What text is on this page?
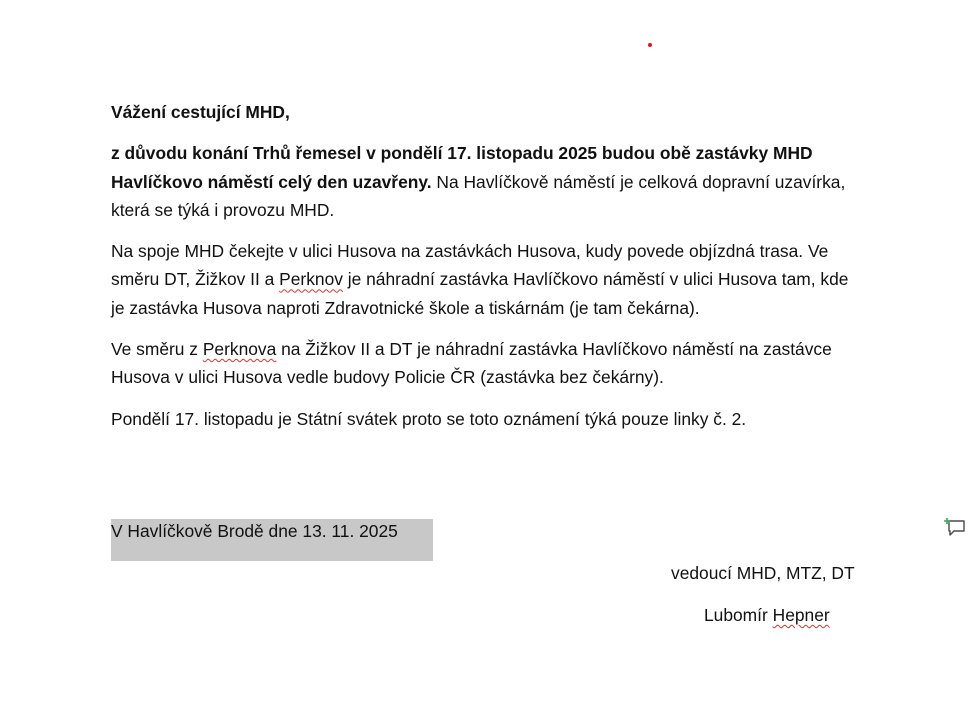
Vážení cestující MHD,

z důvodu konání Trhů řemesel v pondělí 17. listopadu 2025 budou obě zastávky MHD Havlíčkovo náměstí celý den uzavřeny. Na Havlíčkově náměstí je celková dopravní uzavírka, která se týká i provozu MHD.

Na spoje MHD čekejte v ulici Husova na zastávkách Husova, kudy povede objízdná trasa. Ve směru DT, Žižkov II a Perknov je náhradní zastávka Havlíčkovo náměstí v ulici Husova tam, kde je zastávka Husova naproti Zdravotnické škole a tiskárnám (je tam čekárna).

Ve směru z Perknova na Žižkov II a DT je náhradní zastávka Havlíčkovo náměstí na zastávce Husova v ulici Husova vedle budovy Policie ČR (zastávka bez čekárny).

Pondělí 17. listopadu je Státní svátek proto se toto oznámení týká pouze linky č. 2.

V Havlíčkově Brodě dne 13. 11. 2025
vedoucí MHD, MTZ, DT
Lubomír Hepner
